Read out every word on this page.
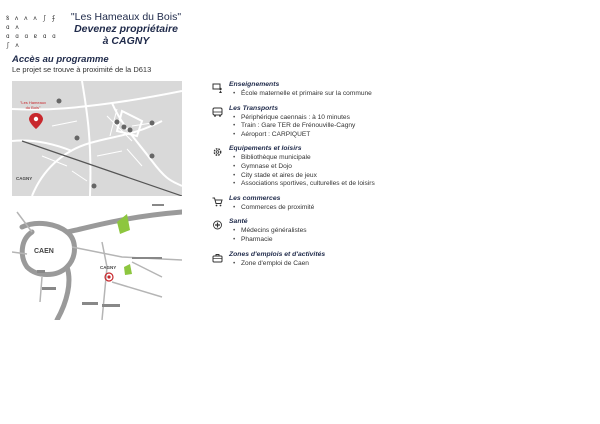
ꝸ ʌ ʌ ʌ ʃ ʄ ɑ ʌ
ɑ ɑ ɑ ɐ ɑ ɑ ʃ ʌ
"Les Hameaux du Bois"
Devenez propriétaire
à CAGNY
Accès au programme
Le projet se trouve à proximité de la D613
"Les Hameaux du Bois"
CAGNY
CAEN
CAGNY
Enseignements
• École maternelle et primaire sur la commune
Les Transports
• Périphérique caennais : à 10 minutes
• Train : Gare TER de Frénouville-Cagny
• Aéroport : CARPIQUET
Equipements et loisirs
• Bibliothèque municipale
• Gymnase et Dojo
• City stade et aires de jeux
• Associations sportives, culturelles et de loisirs
Les commerces
• Commerces de proximité
Santé
• Médecins généralistes
• Pharmacie
Zones d'emplois et d'activités
• Zone d'emploi de Caen
